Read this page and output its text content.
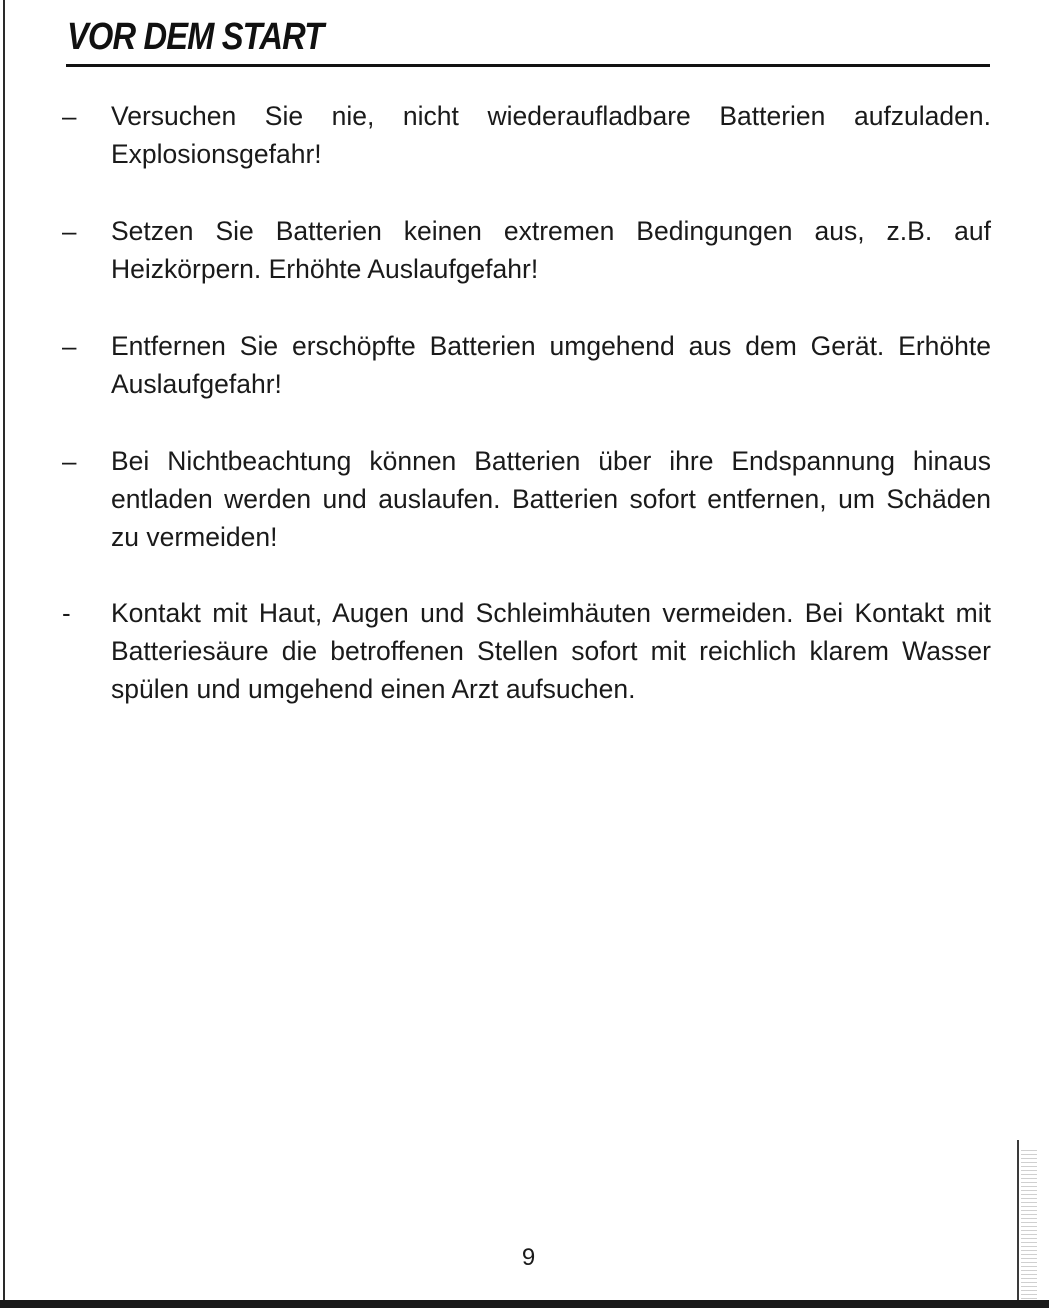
VOR DEM START
– Versuchen Sie nie, nicht wiederaufladbare Batterien aufzuladen. Explosionsgefahr!

– Setzen Sie Batterien keinen extremen Bedingungen aus, z.B. auf Heizkörpern. Erhöhte Auslaufgefahr!

– Entfernen Sie erschöpfte Batterien umgehend aus dem Gerät. Erhöhte Auslaufgefahr!

– Bei Nichtbeachtung können Batterien über ihre Endspannung hinaus entladen werden und auslaufen. Batterien sofort entfernen, um Schäden zu vermeiden!

-	Kontakt mit Haut, Augen und Schleimhäuten vermeiden. Bei Kontakt mit Batteriesäure die betroffenen Stellen sofort mit reichlich klarem Wasser spülen und umgehend einen Arzt aufsuchen.

9
